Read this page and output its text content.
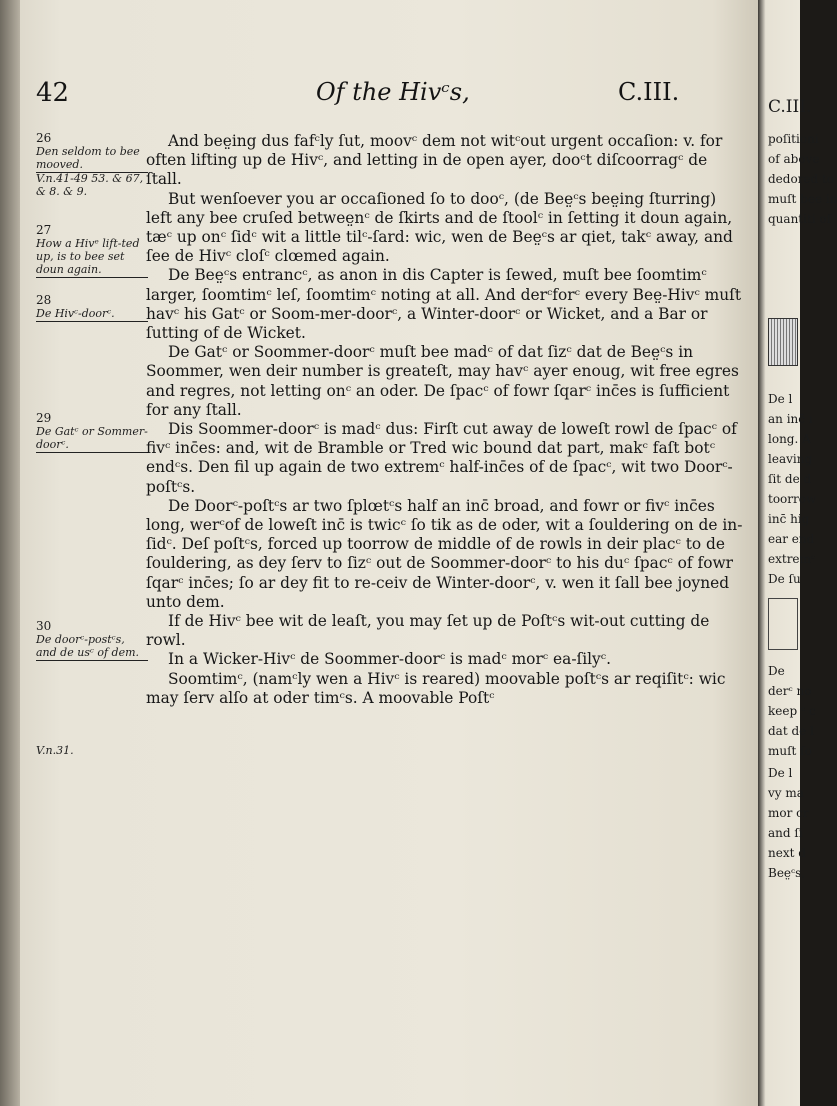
42	Of the Hivᶜs,	C.III.
26
Den seldom to bee mooved.
V.n.41-49 53. & 67, & 8. & 9.
27
How a Hivᵉ lift-ted up, is to bee set doun again.
28
De Hivᶜ-doorᶜ.
29
De Gatᶜ or Sommer-doorᶜ.
30
De doorᶜ-postᶜs, and de usᶜ of dem.
V.n.31.

And bee̤ing dus fafᶜly ſut, moovᶜ dem not witᶜout urgent occaſion: v. for often lifting up de Hivᶜ, and letting in de open ayer, dooᶜt diſcoorragᶜ de ſtall.

But wenſoever you ar occaſioned ſo to dooᶜ, (de Bee̤ᶜs bee̤ing ſturring) left any bee cruſed betwee̤nᶜ de ſkirts and de ſtoolᶜ in ſetting it doun again, tæᶜ up onᶜ ſidᶜ wit a little tilᶜ-ſard: wic, wen de Bee̤ᶜs ar qiet, takᶜ away, and ſee de Hivᶜ cloſᶜ clœmed again.

De Bee̤ᶜs entrancᶜ, as anon in dis Capter is ſewed, muſt bee ſoomtimᶜ larger, ſoomtimᶜ leſ, ſoomtimᶜ noting at all. And derᶜforᶜ every Bee̤-Hivᶜ muſt havᶜ his Gatᶜ or Soom-mer-doorᶜ, a Winter-doorᶜ or Wicket, and a Bar or ſutting of de Wicket.

De Gatᶜ or Soommer-doorᶜ muſt bee madᶜ of dat ſizᶜ dat de Bee̤ᶜs in Soommer, wen deir number is greateſt, may havᶜ ayer enoug, wit free egres and regres, not letting onᶜ an oder. De ſpacᶜ of fowr ſqarᶜ inc̄es is ſufficient for any ſtall.

Dis Soommer-doorᶜ is madᶜ dus: Firſt cut away de loweſt rowl de ſpacᶜ of fivᶜ inc̄es: and, wit de Bramble or Tred wic bound dat part, makᶜ faſt botᶜ endᶜs. Den fil up again de two extremᶜ half-inc̄es of de ſpacᶜ, wit two Doorᶜ-poſtᶜs.

De Doorᶜ-poſtᶜs ar two ſplœtᶜs half an inc̄ broad, and fowr or fivᶜ inc̄es long, werᶜof de loweſt inc̄ is twicᶜ ſo tik as de oder, wit a ſouldering on de in-ſidᶜ. Deſ poſtᶜs, forced up toorrow de middle of de rowls in deir placᶜ to de ſouldering, as dey ſerv to ſizᶜ out de Soommer-doorᶜ to his duᶜ ſpacᶜ of fowr ſqarᶜ inc̄es; ſo ar dey fit to re-ceiv de Winter-doorᶜ, v. wen it ſall bee joyned unto dem.

If de Hivᶜ bee wit de leaſt, you may ſet up de Poſtᶜs wit-out cutting de rowl.

In a Wicker-Hivᶜ de Soommer-doorᶜ is madᶜ morᶜ ea-ſilyᶜ.

Soomtimᶜ, (namᶜly wen a Hivᶜ is reared) moovable poſtᶜs ar reqiſitᶜ: wic may ſerv alſo at oder timᶜs. A moovable Poſtᶜ

C.III.
poſitioni
of above
dedored to
muſt bee in
quantiti of
De l
an inc̄ ı
long. A
leaving
ſit de d
toorrow
inc̄ hig
ear end
extremᶜ
De ſu
De
derᶜ no
keep ᶜ c
dat de l
muſt ſo
De l
vy ma
mor cr
and ſi
next d
Bee̤ᶜs,
